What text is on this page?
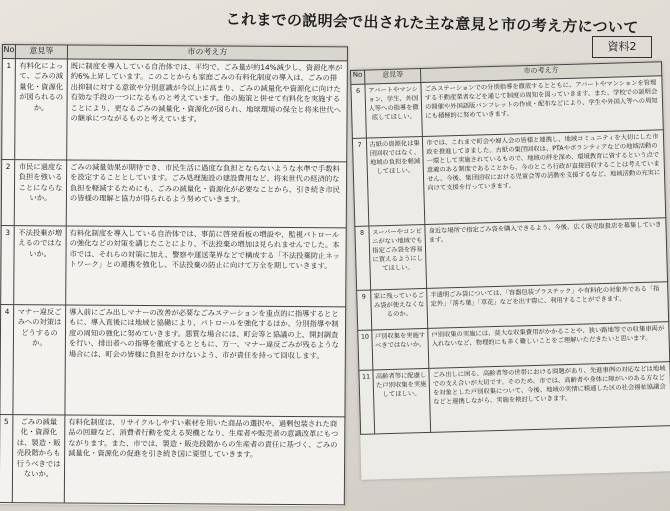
これまでの説明会で出された主な意見と市の考え方について
資料2
No	意見等	市の考え方
1	有料化によって、ごみの減量化・資源化が図られるのか。	既に制度を導入している自治体では、平均で、ごみ量が約14%減少し、資源化率が約6%上昇しています。このことからも家庭ごみの有料化制度の導入は、ごみの排出抑制に対する意欲や分別意識が今以上に高まり、ごみの減量化や資源化に向けた有効な手段の一つになるものと考えています。他の施策と併せて有料化を実施することにより、更なるごみの減量化・資源化が図られ、地球環境の保全と将来世代への継承につながるものと考えています。
2	市民に過度な負担を強いることにならないか。	ごみの減量効果が期待でき、市民生活に過度な負担とならないような水準で手数料を設定することとしています。ごみ処理施設の建設費用など、将来世代の経済的な負担を軽減するためにも、ごみの減量化・資源化が必要なことから、引き続き市民の皆様の理解と協力が得られるよう努めていきます。
3	不法投棄が増えるのではないか。	有料化制度を導入している自治体では、事前に啓発看板の増設や、監視パトロールの強化などの対策を講じたことにより、不法投棄の増加は見られませんでした。本市では、それらの対策に加え、警察や運送業界などで構成する「不法投棄防止ネットワーク」との連携を強化し、不法投棄の防止に向けて万全を期していきます。
4	マナー違反ごみへの対策はどうするのか。	導入前にごみ出しマナーの改善が必要なごみステーションを重点的に指導するとともに、導入直後には地域と協働により、パトロールを強化するほか、分別指導や制度の周知の強化に努めていきます。悪質な場合には、町会等と協議の上、開封調査を行い、排出者への指導を徹底するとともに、万一、マナー違反ごみが残るような場合には、町会の皆様に負担をかけないよう、市が責任を持って回収します。
5	ごみの減量化・資源化は、製造・販売段階からも行うべきではないか。	有料化制度は、リサイクルしやすい素材を用いた商品の選択や、過剰包装された商品の回避など、消費者行動を変える契機となり、生産者や販売者の意識改革にもつながります。また、市では、製造・販売段階からの生産者の責任に基づく、ごみの減量化・資源化の促進を引き続き国に要望していきます。
No	意見等	市の考え方
6	アパートやマンション、学生、外国人等への指導を徹底してほしい。	ごみステーションでの分別指導を徹底するとともに、アパートやマンションを管理する不動産業者などを通じて制度の周知を図っていきます。また、学校での説明会の開催や外国語版パンフレットの作成・配布などにより、学生や外国人等への周知にも積極的に努めていきます。
7	古紙の資源化は集団回収ではなく、地域の負担を軽減してほしい。	市では、これまで町会や婦人会の皆様と連携し、地域コミュニティを大切にした市政を推進してきました。古紙の集団回収は、PTAやボランティアなどの地域活動の一環として実施されているもので、地域の絆を深め、環境教育に資するという点で意義のある制度であることから、今のところ行政が直接回収することは考えていません。今後、集団回収における児童会等の活動を支援するなど、地域活動の充実に向けて支援を行っていきます。
8	スーパーやコンビニがない地域でも指定ごみ袋を容易に買えるようにしてほしい。	身近な場所で指定ごみ袋を購入できるよう、今後、広く販売取扱店を募集していきます。
9	家に残っているごみ袋が使えなくなるのか。	半透明ごみ袋については、「容器包装プラスチック」や有料化の対象外である「指定外」「落ち葉」「草花」などを出す際に、利用することができます。
10	戸別収集を実施すべきではないか。	戸別収集の実施には、莫大な収集費用がかかることや、狭い路地等での収集車両が入れないなど、物理的にも多く難しいことをご理解いただきたいと思います。
11	高齢者等に配慮した戸別収集を実施してほしい。	ごみ出しに困る、高齢者等の世帯における問題があり、先進事例の対応などは地域での支え合いが大切です。そのため、市では、高齢者や身体に障がいのある方などを対象とした戸別収集について、今後、地域の実情に精通した区の社会福祉協議会などと連携しながら、実施を検討していきます。
